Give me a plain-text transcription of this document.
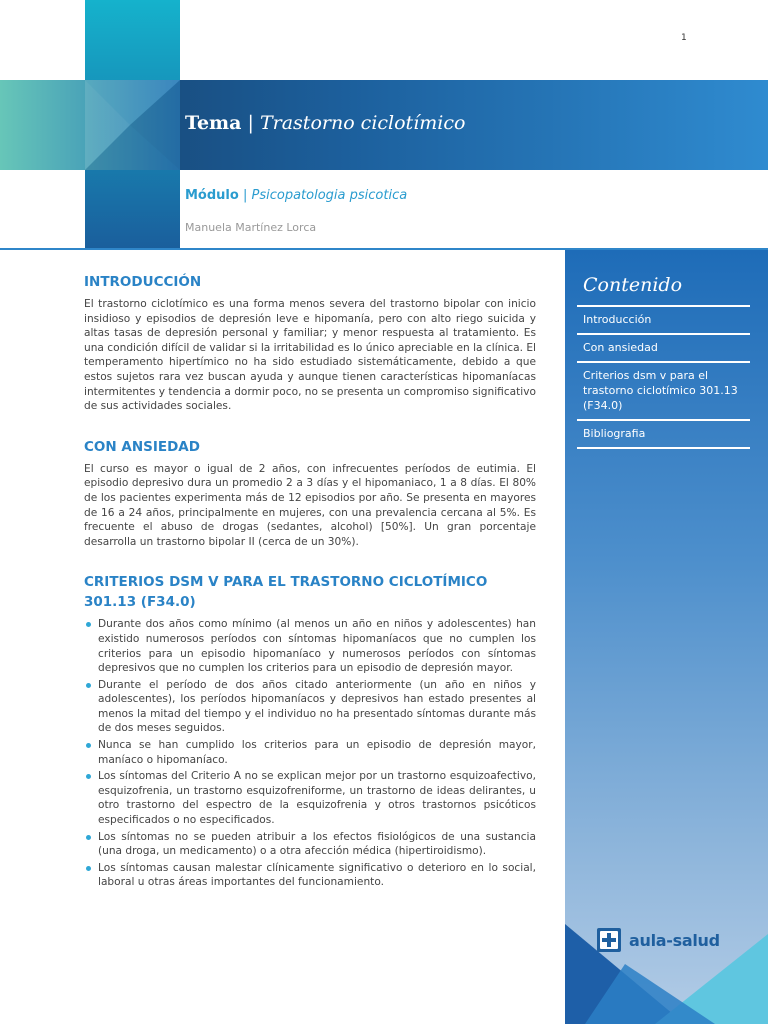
1
Tema | Trastorno ciclotímico
Módulo | Psicopatologia psicotica
Manuela Martínez Lorca
Contenido
Introducción
Con ansiedad
Criterios dsm v para el trastorno ciclotímico 301.13 (F34.0)
Bibliografia
aula-salud
INTRODUCCIÓN

El trastorno ciclotímico es una forma menos severa del trastorno bipolar con inicio insidioso y episodios de depresión leve e hipomanía, pero con alto riego suicida y altas tasas de depresión personal y familiar; y menor respuesta al tratamiento. Es una condición difícil de validar si la irritabilidad es lo único apreciable en la clínica. El temperamento hipertímico no ha sido estudiado sistemáticamente, debido a que estos sujetos rara vez buscan ayuda y aunque tienen características hipomaníacas intermitentes y tendencia a dormir poco, no se presenta un compromiso significativo de sus actividades sociales.

CON ANSIEDAD

El curso es mayor o igual de 2 años, con infrecuentes períodos de eutimia. El episodio depresivo dura un promedio 2 a 3 días y el hipomaniaco, 1 a 8 días. El 80% de los pacientes experimenta más de 12 episodios por año. Se presenta en mayores de 16 a 24 años, principalmente en mujeres, con una prevalencia cercana al 5%. Es frecuente el abuso de drogas (sedantes, alcohol) [50%]. Un gran porcentaje desarrolla un trastorno bipolar II (cerca de un 30%).

CRITERIOS DSM V PARA EL TRASTORNO CICLOTÍMICO 301.13 (F34.0)
Durante dos años como mínimo (al menos un año en niños y adolescentes) han existido numerosos períodos con síntomas hipomaníacos que no cumplen los criterios para un episodio hipomaníaco y numerosos períodos con síntomas depresivos que no cumplen los criterios para un episodio de depresión mayor.
Durante el período de dos años citado anteriormente (un año en niños y adolescentes), los períodos hipomaníacos y depresivos han estado presentes al menos la mitad del tiempo y el individuo no ha presentado síntomas durante más de dos meses seguidos.
Nunca se han cumplido los criterios para un episodio de depresión mayor, maníaco o hipomaníaco.
Los síntomas del Criterio A no se explican mejor por un trastorno esquizoafectivo, esquizofrenia, un trastorno esquizofreniforme, un trastorno de ideas delirantes, u otro trastorno del espectro de la esquizofrenia y otros trastornos psicóticos especificados o no especificados.
Los síntomas no se pueden atribuir a los efectos fisiológicos de una sustancia (una droga, un medicamento) o a otra afección médica (hipertiroidismo).
Los síntomas causan malestar clínicamente significativo o deterioro en lo social, laboral u otras áreas importantes del funcionamiento.
